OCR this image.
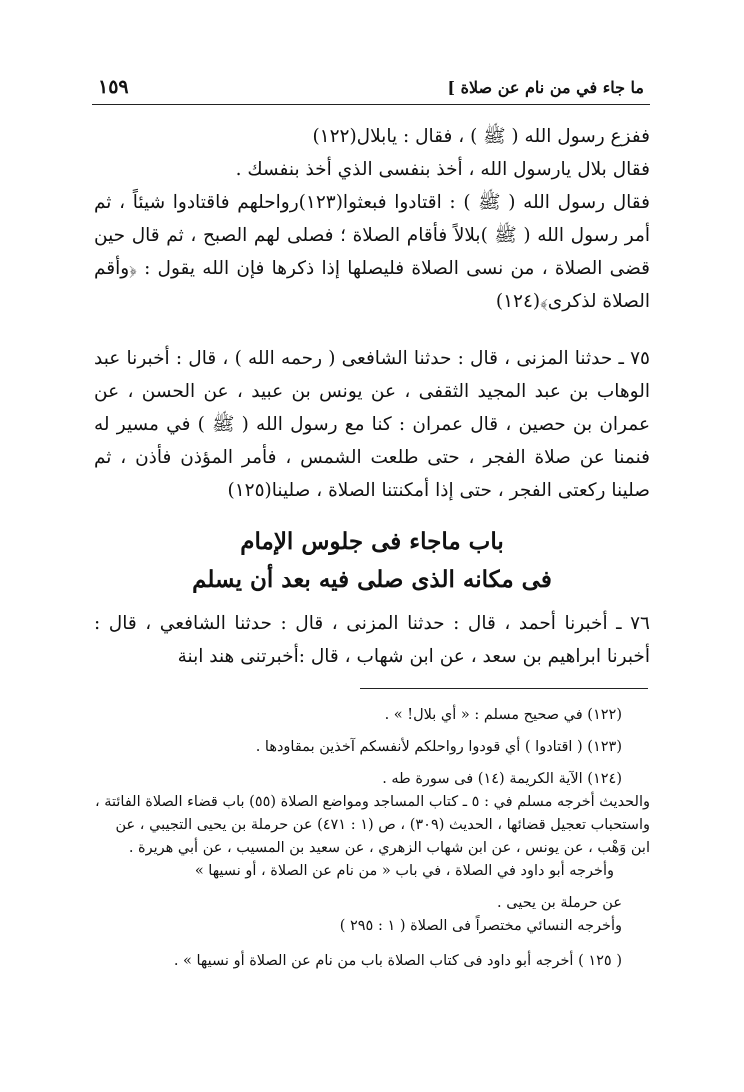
ما جاء في من نام عن صلاة ]
١٥٩

ففزع رسول الله ( ﷺ ) ، فقال : يابلال(١٢٢)

فقال بلال يارسول الله ، أخذ بنفسى الذي أخذ بنفسك .

فقال رسول الله ( ﷺ ) : اقتادوا فبعثوا(١٢٣)رواحلهم فاقتادوا شيئاً ، ثم أمر رسول الله ( ﷺ )بلالاً فأقام الصلاة ؛ فصلى لهم الصبح ، ثم قال حين قضى الصلاة ، من نسى الصلاة فليصلها إذا ذكرها فإن الله يقول : ﴿وأقم الصلاة لذكرى﴾(١٢٤)

٧٥ ـ حدثنا المزنى ، قال : حدثنا الشافعى ( رحمه الله ) ، قال : أخبرنا عبد الوهاب بن عبد المجيد الثقفى ، عن يونس بن عبيد ، عن الحسن ، عن عمران بن حصين ، قال عمران : كنا مع رسول الله ( ﷺ ) في مسير له فنمنا عن صلاة الفجر ، حتى طلعت الشمس ، فأمر المؤذن فأذن ، ثم صلينا ركعتى الفجر ، حتى إذا أمكنتنا الصلاة ، صلينا(١٢٥)

باب ماجاء فى جلوس الإمام
فى مكانه الذى صلى فيه بعد أن يسلم

٧٦ ـ أخبرنا أحمد ، قال : حدثنا المزنى ، قال : حدثنا الشافعي ، قال : أخبرنا ابراهيم بن سعد ، عن ابن شهاب ، قال :أخبرتنى هند ابنة

(١٢٢) في صحيح مسلم : « أي بلال! » .

(١٢٣) ( اقتادوا ) أي قودوا رواحلكم لأنفسكم آخذين بمقاودها .

(١٢٤) الآية الكريمة (١٤) فى سورة طه .

والحديث أخرجه مسلم في : ٥ ـ كتاب المساجد ومواضع الصلاة (٥٥) باب قضاء الصلاة الفائتة ، واستحباب تعجيل قضائها ، الحديث (٣٠٩) ، ص (١ : ٤٧١) عن حرملة بن يحيى التجيبي ، عن ابن وَهْب ، عن يونس ، عن ابن شهاب الزهري ، عن سعيد بن المسيب ، عن أبي هريرة .

وأخرجه أبو داود في الصلاة ، في باب « من نام عن الصلاة ، أو نسيها »

عن حرملة بن يحيى .

وأخرجه النسائي مختصراً فى الصلاة ( ١ : ٢٩٥ )

( ١٢٥ ) أخرجه أبو داود فى كتاب الصلاة باب من نام عن الصلاة أو نسيها » .
